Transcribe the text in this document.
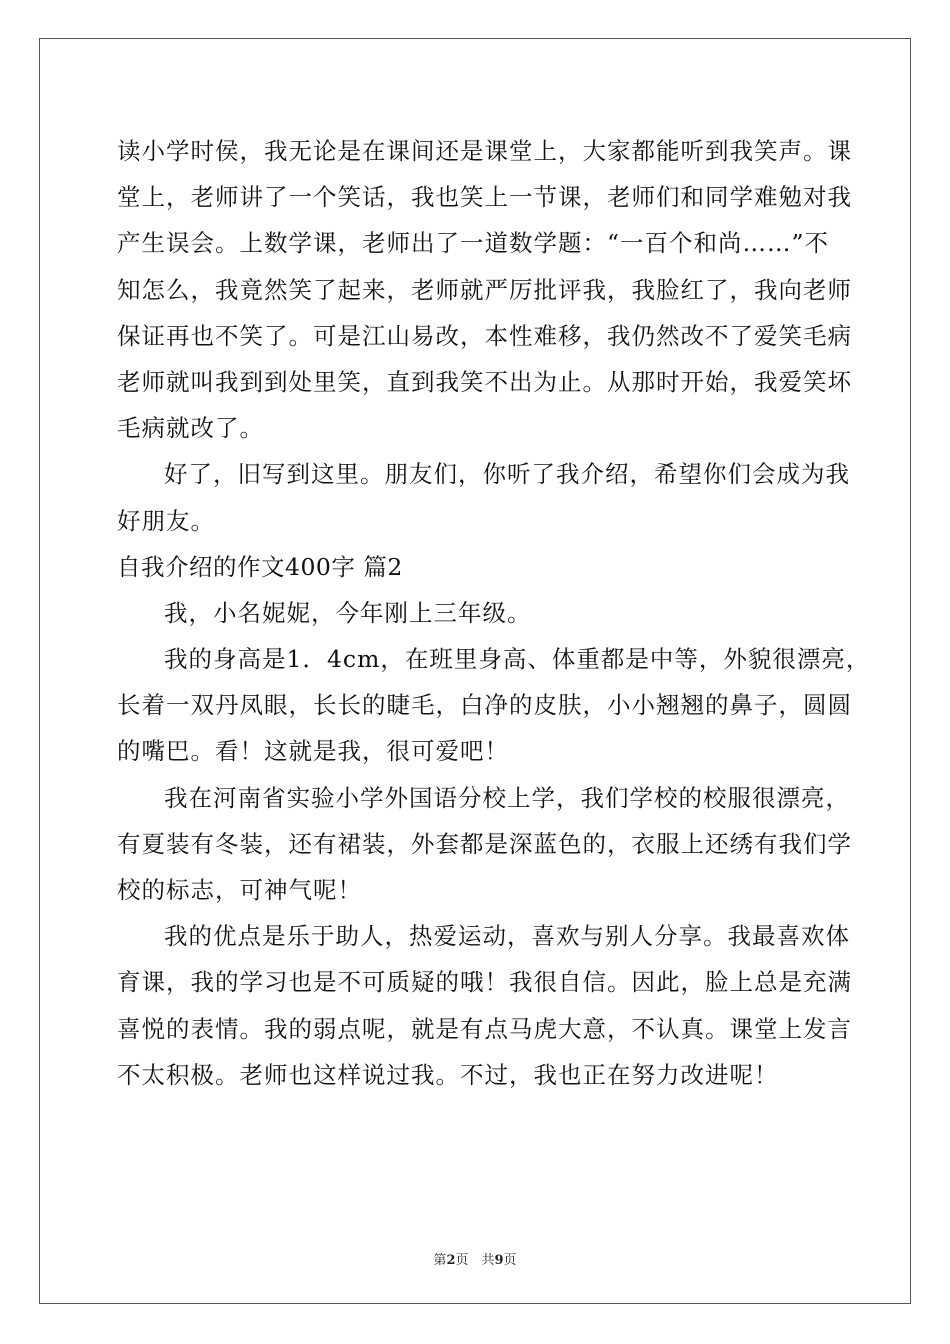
读小学时侯，我无论是在课间还是课堂上，大家都能听到我笑声。课
堂上，老师讲了一个笑话，我也笑上一节课，老师们和同学难勉对我
产生误会。上数学课，老师出了一道数学题：“一百个和尚……”不
知怎么，我竟然笑了起来，老师就严厉批评我，我脸红了，我向老师
保证再也不笑了。可是江山易改，本性难移，我仍然改不了爱笑毛病
老师就叫我到到处里笑，直到我笑不出为止。从那时开始，我爱笑坏
毛病就改了。
好了，旧写到这里。朋友们，你听了我介绍，希望你们会成为我
好朋友。
自我介绍的作文400字 篇2
我，小名妮妮，今年刚上三年级。
我的身高是1．4cm，在班里身高、体重都是中等，外貌很漂亮，
长着一双丹凤眼，长长的睫毛，白净的皮肤，小小翘翘的鼻子，圆圆
的嘴巴。看！这就是我，很可爱吧！
我在河南省实验小学外国语分校上学，我们学校的校服很漂亮，
有夏装有冬装，还有裙装，外套都是深蓝色的，衣服上还绣有我们学
校的标志，可神气呢！
我的优点是乐于助人，热爱运动，喜欢与别人分享。我最喜欢体
育课，我的学习也是不可质疑的哦！我很自信。因此，脸上总是充满
喜悦的表情。我的弱点呢，就是有点马虎大意，不认真。课堂上发言
不太积极。老师也这样说过我。不过，我也正在努力改进呢！
第2页　共9页
